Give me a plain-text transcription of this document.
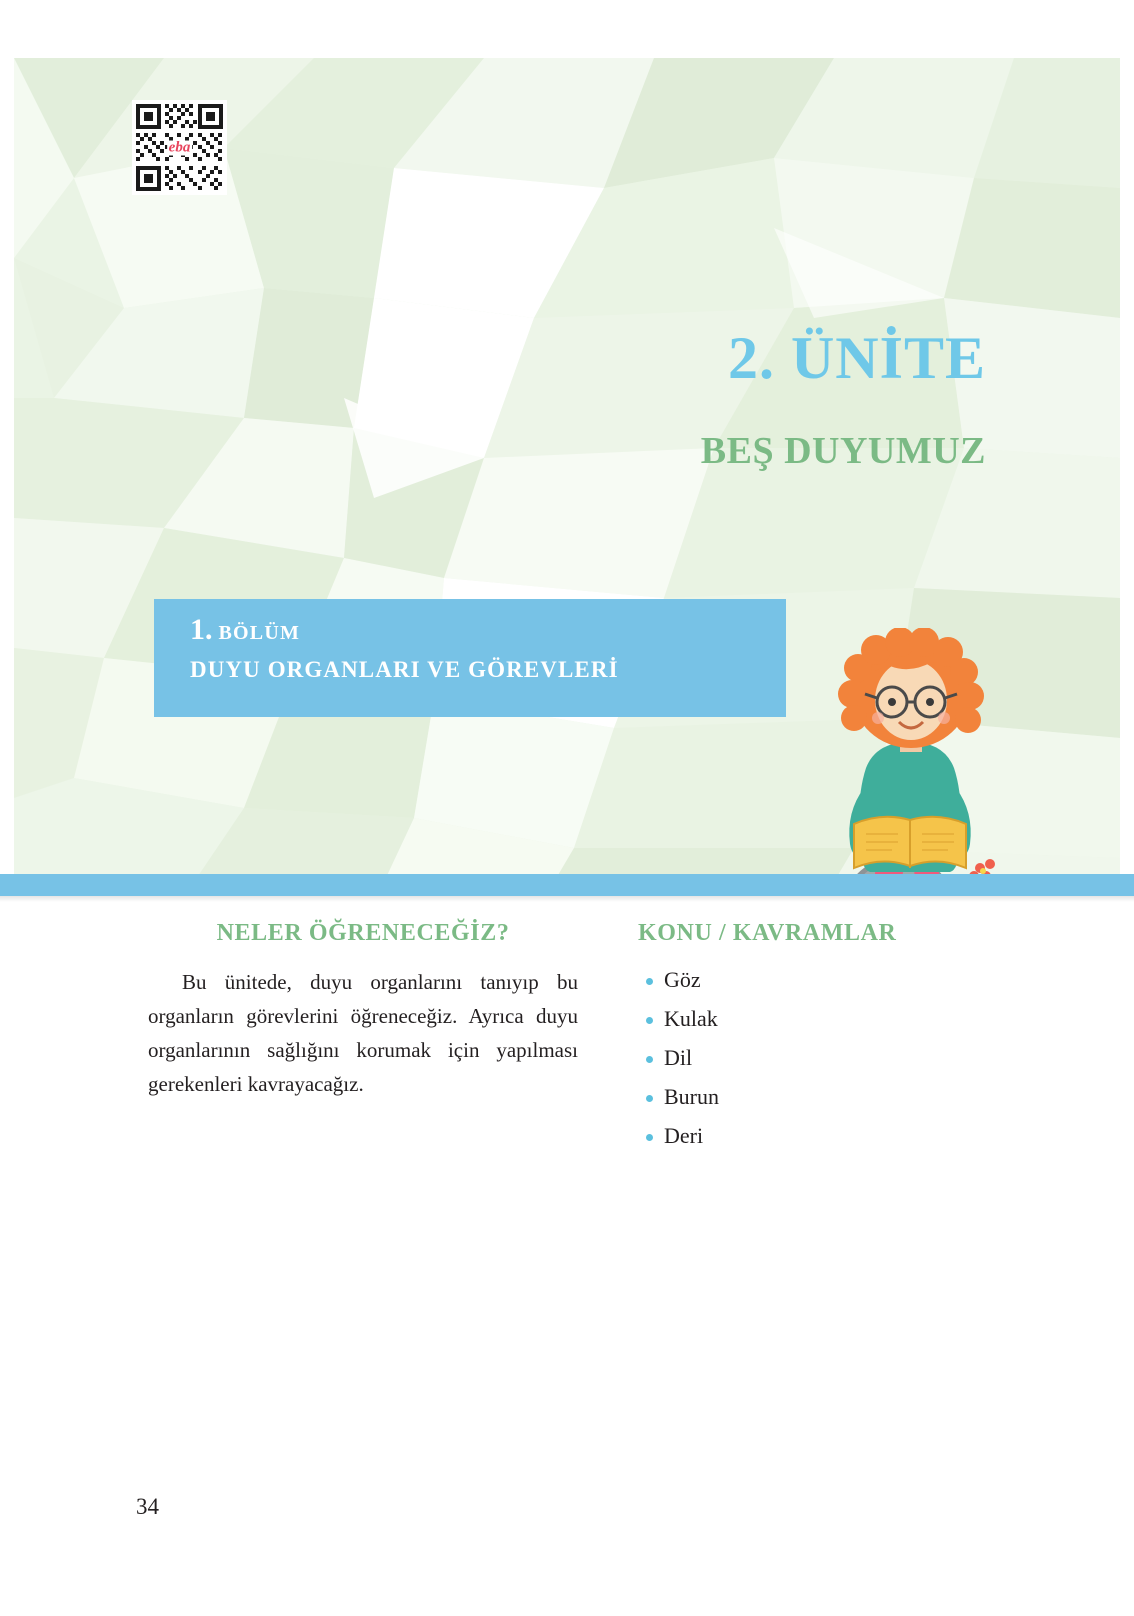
2. ÜNİTE
BEŞ DUYUMUZ
1. BÖLÜM
DUYU ORGANLARI VE GÖREVLERİ
eba
NELER ÖĞRENECEĞİZ?

Bu ünitede, duyu organlarını tanıyıp bu organların görevlerini öğreneceğiz. Ayrıca duyu organlarının sağlığını korumak için yapılması gerekenleri kavrayacağız.

KONU / KAVRAMLAR
Göz
Kulak
Dil
Burun
Deri
34
